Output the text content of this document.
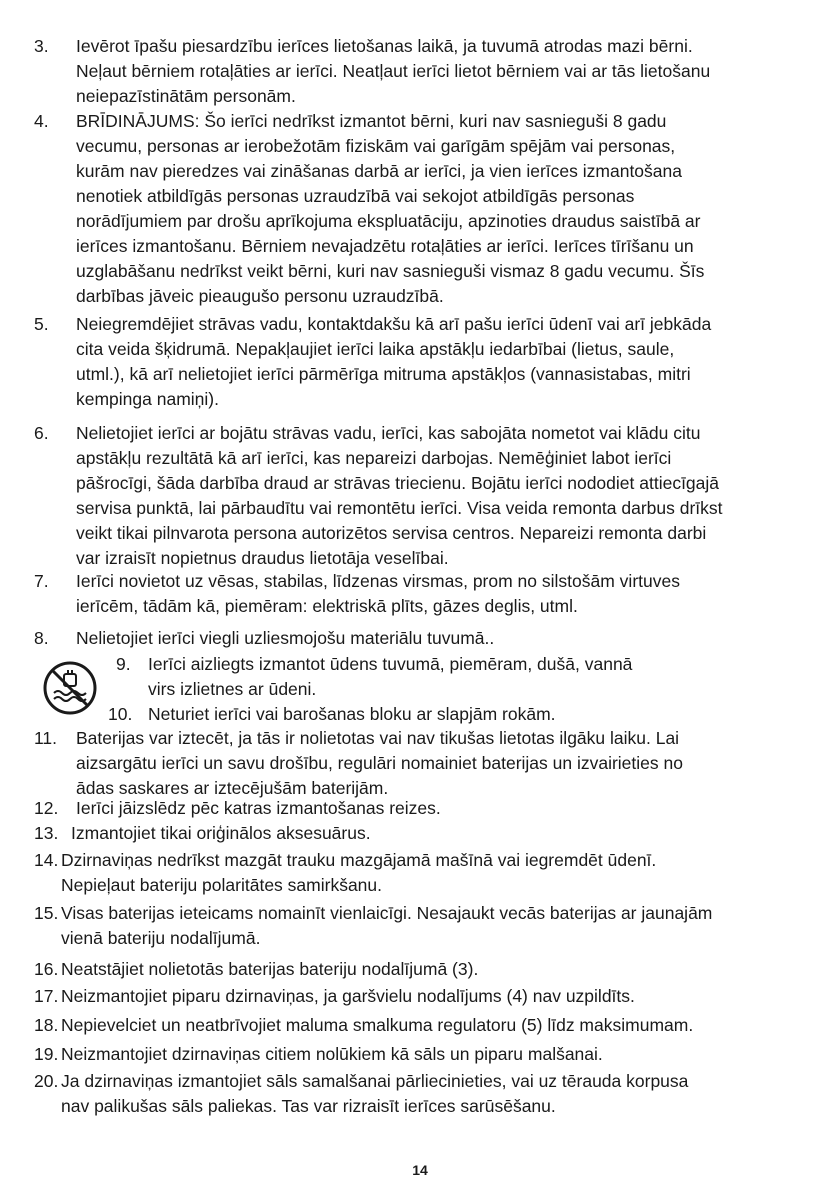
3. Ievērot īpašu piesardzību ierīces lietošanas laikā, ja tuvumā atrodas mazi bērni.
Neļaut bērniem rotaļāties ar ierīci. Neatļaut ierīci lietot bērniem vai ar tās lietošanu
neiepazīstinātām personām.
4. BRĪDINĀJUMS: Šo ierīci nedrīkst izmantot bērni, kuri nav sasnieguši 8 gadu
vecumu, personas ar ierobežotām fiziskām vai garīgām spējām vai personas,
kurām nav pieredzes vai zināšanas darbā ar ierīci, ja vien ierīces izmantošana
nenotiek atbildīgās personas uzraudzībā vai sekojot atbildīgās personas
norādījumiem par drošu aprīkojuma ekspluatāciju, apzinoties draudus saistībā ar
ierīces izmantošanu. Bērniem nevajadzētu rotaļāties ar ierīci. Ierīces tīrīšanu un
uzglabāšanu nedrīkst veikt bērni, kuri nav sasnieguši vismaz 8 gadu vecumu. Šīs
darbības jāveic pieaugušo personu uzraudzībā.
5. Neiegremdējiet strāvas vadu, kontaktdakšu kā arī pašu ierīci ūdenī vai arī jebkāda
cita veida šķidrumā. Nepakļaujiet ierīci laika apstākļu iedarbībai (lietus, saule,
utml.), kā arī nelietojiet ierīci pārmērīga mitruma apstākļos (vannasistabas, mitri
kempinga namiņi).
6. Nelietojiet ierīci ar bojātu strāvas vadu, ierīci, kas sabojāta nometot vai klādu citu
apstākļu rezultātā kā arī ierīci, kas nepareizi darbojas. Nemēģiniet labot ierīci
pāšrocīgi, šāda darbība draud ar strāvas triecienu. Bojātu ierīci nododiet attiecīgajā
servisa punktā, lai pārbaudītu vai remontētu ierīci. Visa veida remonta darbus drīkst
veikt tikai pilnvarota persona autorizētos servisa centros. Nepareizi remonta darbi
var izraisīt nopietnus draudus lietotāja veselībai.
7. Ierīci novietot uz vēsas, stabilas, līdzenas virsmas, prom no silstošām virtuves
ierīcēm, tādām kā, piemēram: elektriskā plīts, gāzes deglis, utml.
8. Nelietojiet ierīci viegli uzliesmojošu materiālu tuvumā..
9. Ierīci aizliegts izmantot ūdens tuvumā, piemēram, dušā, vannā
virs izlietnes ar ūdeni.
10. Neturiet ierīci vai barošanas bloku ar slapjām rokām.
11. Baterijas var iztecēt, ja tās ir nolietotas vai nav tikušas lietotas ilgāku laiku. Lai
aizsargātu ierīci un savu drošību, regulāri nomainiet baterijas un izvairieties no
ādas saskares ar iztecējušām baterijām.
12. Ierīci jāizslēdz pēc katras izmantošanas reizes.
13. Izmantojiet tikai oriģinālos aksesuārus.
14. Dzirnaviņas nedrīkst mazgāt trauku mazgājamā mašīnā vai iegremdēt ūdenī.
Nepieļaut bateriju polaritātes samirkšanu.
15. Visas baterijas ieteicams nomainīt vienlaicīgi. Nesajaukt vecās baterijas ar jaunajām
vienā bateriju nodalījumā.
16. Neatstājiet nolietotās baterijas bateriju nodalījumā (3).
17. Neizmantojiet piparu dzirnaviņas, ja garšvielu nodalījums (4) nav uzpildīts.
18. Nepievelciet un neatbrīvojiet maluma smalkuma regulatoru (5) līdz maksimumam.
19. Neizmantojiet dzirnaviņas citiem nolūkiem kā sāls un piparu malšanai.
20. Ja dzirnaviņas izmantojiet sāls samalšanai pārliecinieties, vai uz tērauda korpusa
nav palikušas sāls paliekas. Tas var rizraisīt ierīces sarūsēšanu.
14
